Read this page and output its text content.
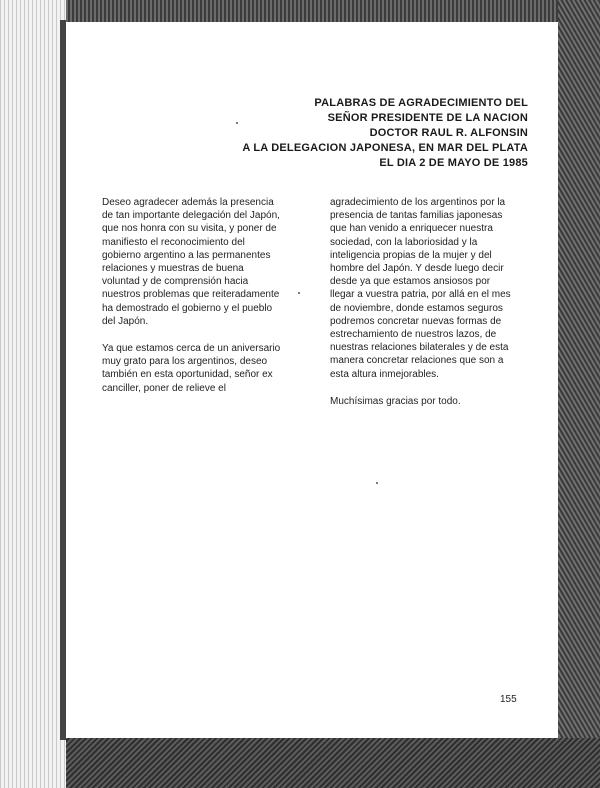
PALABRAS DE AGRADECIMIENTO DEL
SEÑOR PRESIDENTE DE LA NACION
DOCTOR RAUL R. ALFONSIN
A LA DELEGACION JAPONESA, EN MAR DEL PLATA
EL DIA 2 DE MAYO DE 1985

Deseo agradecer además la presencia

de tan importante delegación del Japón,

que nos honra con su visita, y poner de

manifiesto el reconocimiento del

gobierno argentino a las permanentes

relaciones y muestras de buena

voluntad y de comprensión hacia

nuestros problemas que reiteradamente

ha demostrado el gobierno y el pueblo

del Japón.

Ya que estamos cerca de un aniversario

muy grato para los argentinos, deseo

también en esta oportunidad, señor ex

canciller, poner de relieve el

agradecimiento de los argentinos por la

presencia de tantas familias japonesas

que han venido a enriquecer nuestra

sociedad, con la laboriosidad y la

inteligencia propias de la mujer y del

hombre del Japón. Y desde luego decir

desde ya que estamos ansiosos por

llegar a vuestra patria, por allá en el mes

de noviembre, donde estamos seguros

podremos concretar nuevas formas de

estrechamiento de nuestros lazos, de

nuestras relaciones bilaterales y de esta

manera concretar relaciones que son a

esta altura inmejorables.

Muchísimas gracias por todo.

155
